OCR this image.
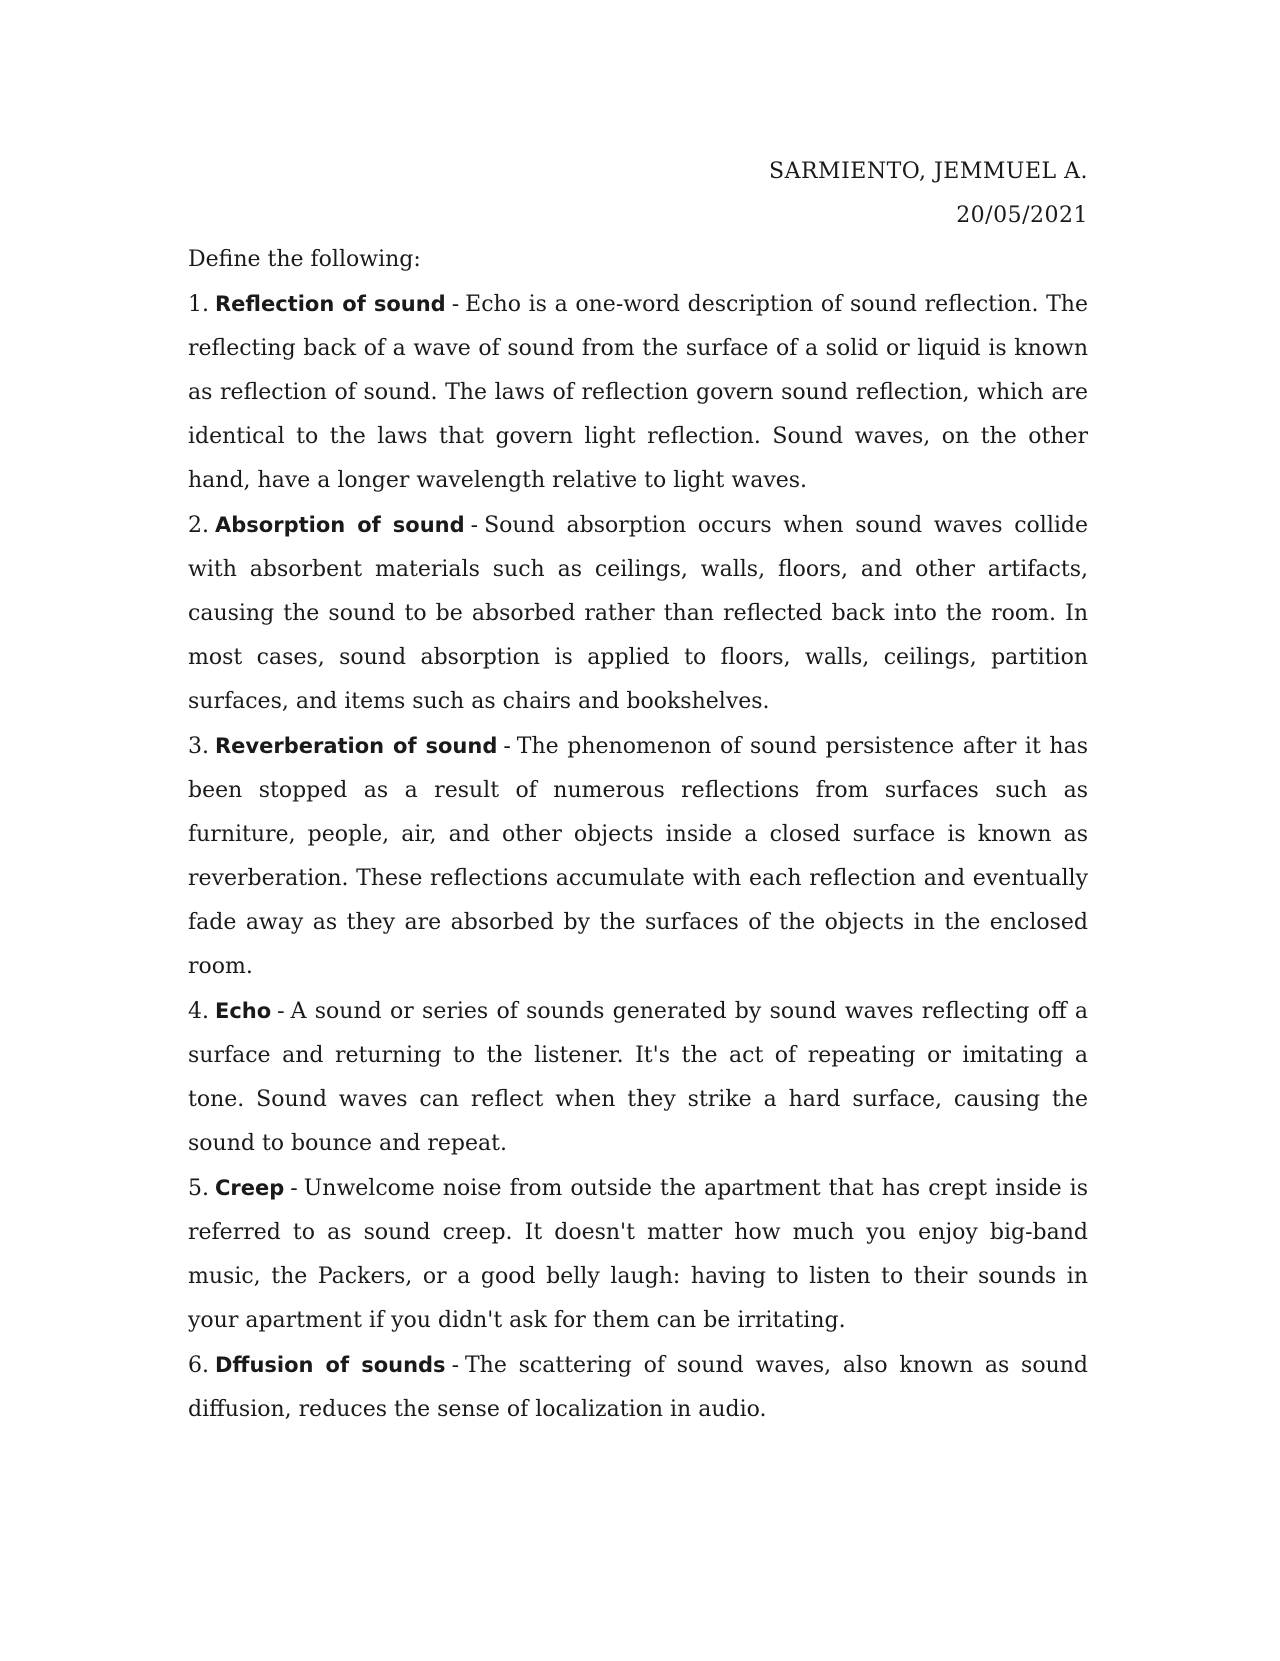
SARMIENTO, JEMMUEL A.
20/05/2021

Define the following:

1. Reflection of sound - Echo is a one-word description of sound reflection. The reflecting back of a wave of sound from the surface of a solid or liquid is known as reflection of sound. The laws of reflection govern sound reflection, which are identical to the laws that govern light reflection. Sound waves, on the other hand, have a longer wavelength relative to light waves.

2. Absorption of sound - Sound absorption occurs when sound waves collide with absorbent materials such as ceilings, walls, floors, and other artifacts, causing the sound to be absorbed rather than reflected back into the room. In most cases, sound absorption is applied to floors, walls, ceilings, partition surfaces, and items such as chairs and bookshelves.

3. Reverberation of sound - The phenomenon of sound persistence after it has been stopped as a result of numerous reflections from surfaces such as furniture, people, air, and other objects inside a closed surface is known as reverberation. These reflections accumulate with each reflection and eventually fade away as they are absorbed by the surfaces of the objects in the enclosed room.

4. Echo - A sound or series of sounds generated by sound waves reflecting off a surface and returning to the listener. It's the act of repeating or imitating a tone. Sound waves can reflect when they strike a hard surface, causing the sound to bounce and repeat.

5. Creep - Unwelcome noise from outside the apartment that has crept inside is referred to as sound creep. It doesn't matter how much you enjoy big-band music, the Packers, or a good belly laugh: having to listen to their sounds in your apartment if you didn't ask for them can be irritating.

6. Dffusion of sounds - The scattering of sound waves, also known as sound diffusion, reduces the sense of localization in audio.
